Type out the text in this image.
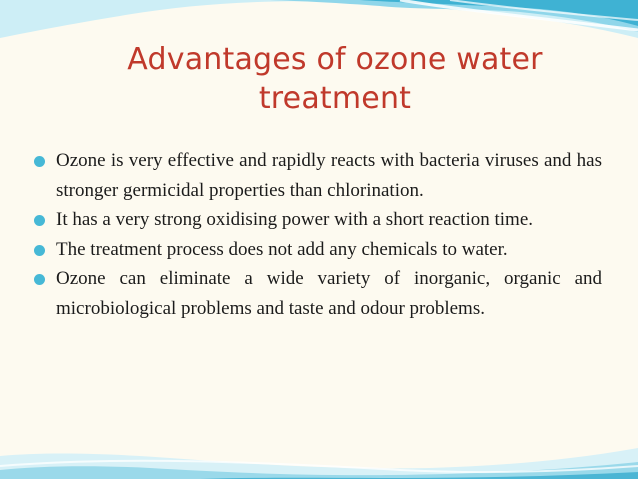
Advantages of ozone water
treatment
Ozone is very effective and rapidly reacts with bacteria viruses and has stronger germicidal properties than chlorination.
It has a very strong oxidising power with a short reaction time.
The treatment process does not add any chemicals to water.
Ozone can eliminate a wide variety of inorganic, organic and microbiological problems and taste and odour problems.
